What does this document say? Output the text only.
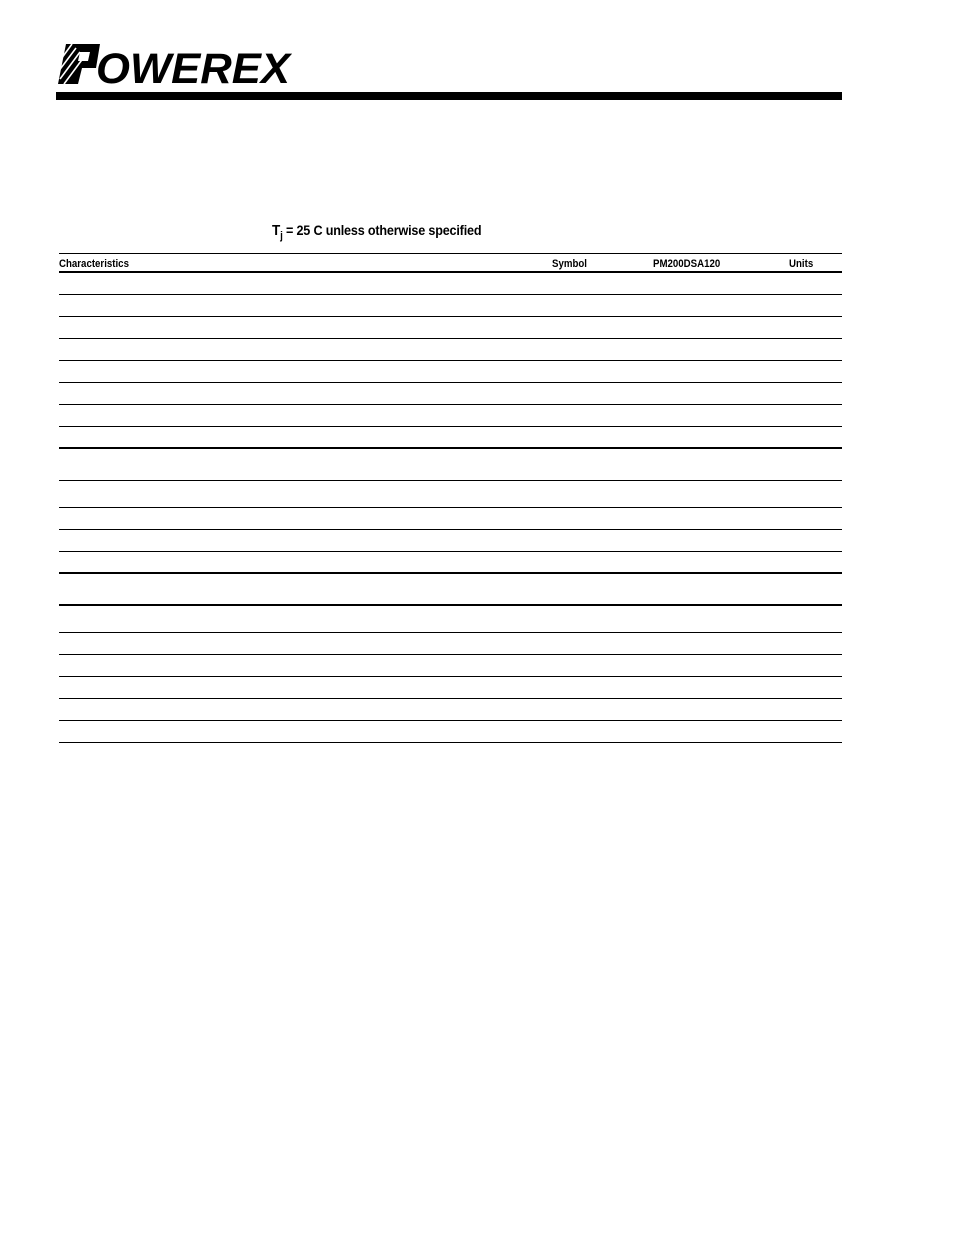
OWEREX
$T_j = 25$ C unless otherwise specified
Characteristics	Symbol	PM200DSA120	Units
